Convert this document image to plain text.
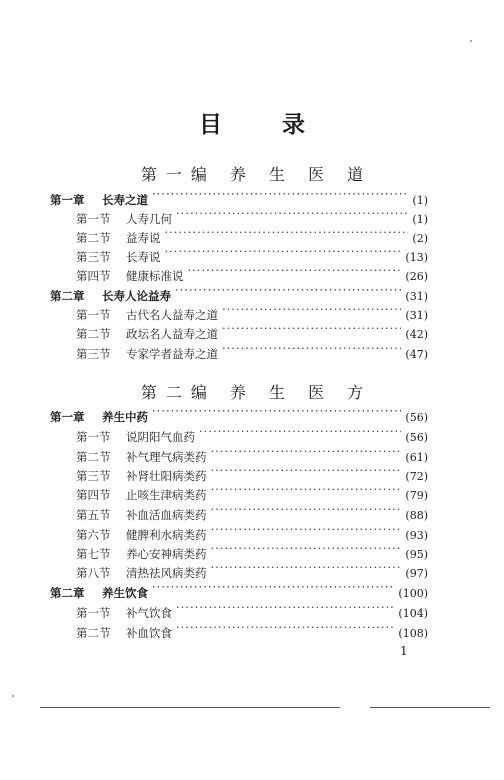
目 录
第一编 养 生 医 道
第二编 养 生 医 方
第一章	长寿之道 ·····	(1)
第一节	人寿几何 ·····	(1)
第二节	益寿说 ·····	(2)
第三节	长寿说 ·····	(13)
第四节	健康标准说 ·····	(26)
第二章	长寿人论益寿 ·····	(31)
第一节	古代名人益寿之道 ·····	(31)
第二节	政坛名人益寿之道 ·····	(42)
第三节	专家学者益寿之道 ·····	(47)
第一章	养生中药 ·····	(56)
第一节	说阴阳气血药 ·····	(56)
第二节	补气理气病类药 ·····	(61)
第三节	补肾壮阳病类药 ·····	(72)
第四节	止咳生津病类药 ·····	(79)
第五节	补血活血病类药 ·····	(88)
第六节	健脾利水病类药 ·····	(93)
第七节	养心安神病类药 ·····	(95)
第八节	清热祛风病类药 ·····	(97)
第二章	养生饮食 ·····	(100)
第一节	补气饮食 ·····	(104)
第二节	补血饮食 ·····	(108)
1
